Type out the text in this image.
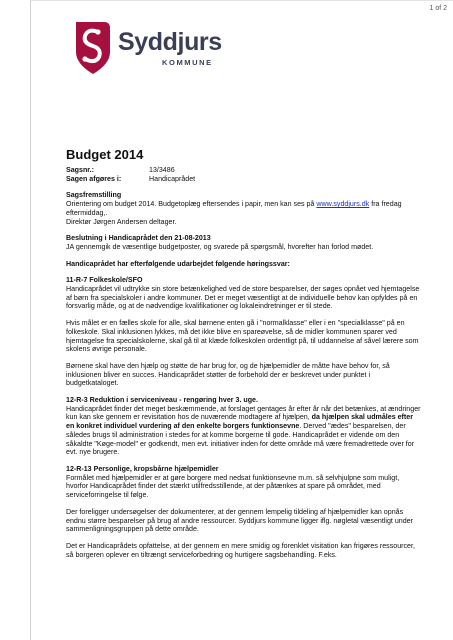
1 of 2
Syddjurs
KOMMUNE
Budget 2014
Sagsnr.:	13/3486
Sagen afgøres i:	Handicaprådet
Sagsfremstilling

Orientering om budget 2014. Budgetoplæg eftersendes i papir, men kan ses på www.syddjurs.dk fra fredag eftermiddag,.

Direktør Jørgen Andersen deltager.

Beslutning i Handicaprådet den 21-08-2013

JA gennemgik de væsentlige budgetposter, og svarede på spørgsmål, hvorefter han forlod mødet.

Handicaprådet har efterfølgende udarbejdet følgende høringssvar:
11-R-7 Folkeskole/SFO

Handicaprådet vil udtrykke sin store betænkelighed ved de store besparelser, der søges opnået ved hjemtagelse af børn fra specialskoler i andre kommuner. Det er meget væsentligt at de individuelle behov kan opfyldes på en forsvarlig måde, og at de nødvendige kvalifikationer og lokaleindretninger er til stede.

Hvis målet er en fælles skole for alle, skal børnene enten gå i "normalklasse" eller i en "specialklasse" på en folkeskole. Skal inklusionen lykkes, må det ikke blive en spareøvelse, så de midler kommunen sparer ved hjemtagelse fra specialskolerne, skal gå til at klæde folkeskolen ordentligt på, til uddannelse af såvel lærere som skolens øvrige personale.

Børnene skal have den hjælp og støtte de har brug for, og de hjælpemidler de måtte have behov for, så inklusionen bliver en succes. Handicaprådet støtter de forbehold der er beskrevet under punktet i budgetkataloget.

12-R-3 Reduktion i serviceniveau - rengøring hver 3. uge.

Handicaprådet finder det meget beskæmmende, at forslaget gentages år efter år når det betænkes, at ændringer kun kan ske gennem er revisitation hos de nuværende modtagere af hjælpen, da hjælpen skal udmåles efter en konkret individuel vurdering af den enkelte borgers funktionsevne. Derved "ædes" besparelsen, der således brugs til administration i stedes for at komme borgerne til gode. Handicaprådet er vidende om den såkaldte "Køge-model" er godkendt, men evt. initiativer inden for dette område må være fremadrettede over for evt. nye brugere.

12-R-13 Personlige, kropsbårne hjælpemidler

Formålet med hjælpemidler er at gøre borgere med nedsat funktionsevne m.m. så selvhjulpne som muligt, hvorfor Handicaprådet finder det stærkt utilfredsstillende, at der påtænkes at spare på området, med serviceforringelse til følge.

Der foreligger undersøgelser der dokumenterer, at der gennem lempelig tildeling af hjælpemidler kan opnås endnu større besparelser på brug af andre ressourcer. Syddjurs kommune ligger iflg. nøgletal væsentligt under sammenligningsgruppen på dette område.

Det er Handicaprådets opfattelse, at der gennem en mere smidig og forenklet visitation kan frigøres ressourcer, så borgeren oplever en tiltrængt serviceforbedring og hurtigere sagsbehandling. F.eks.
